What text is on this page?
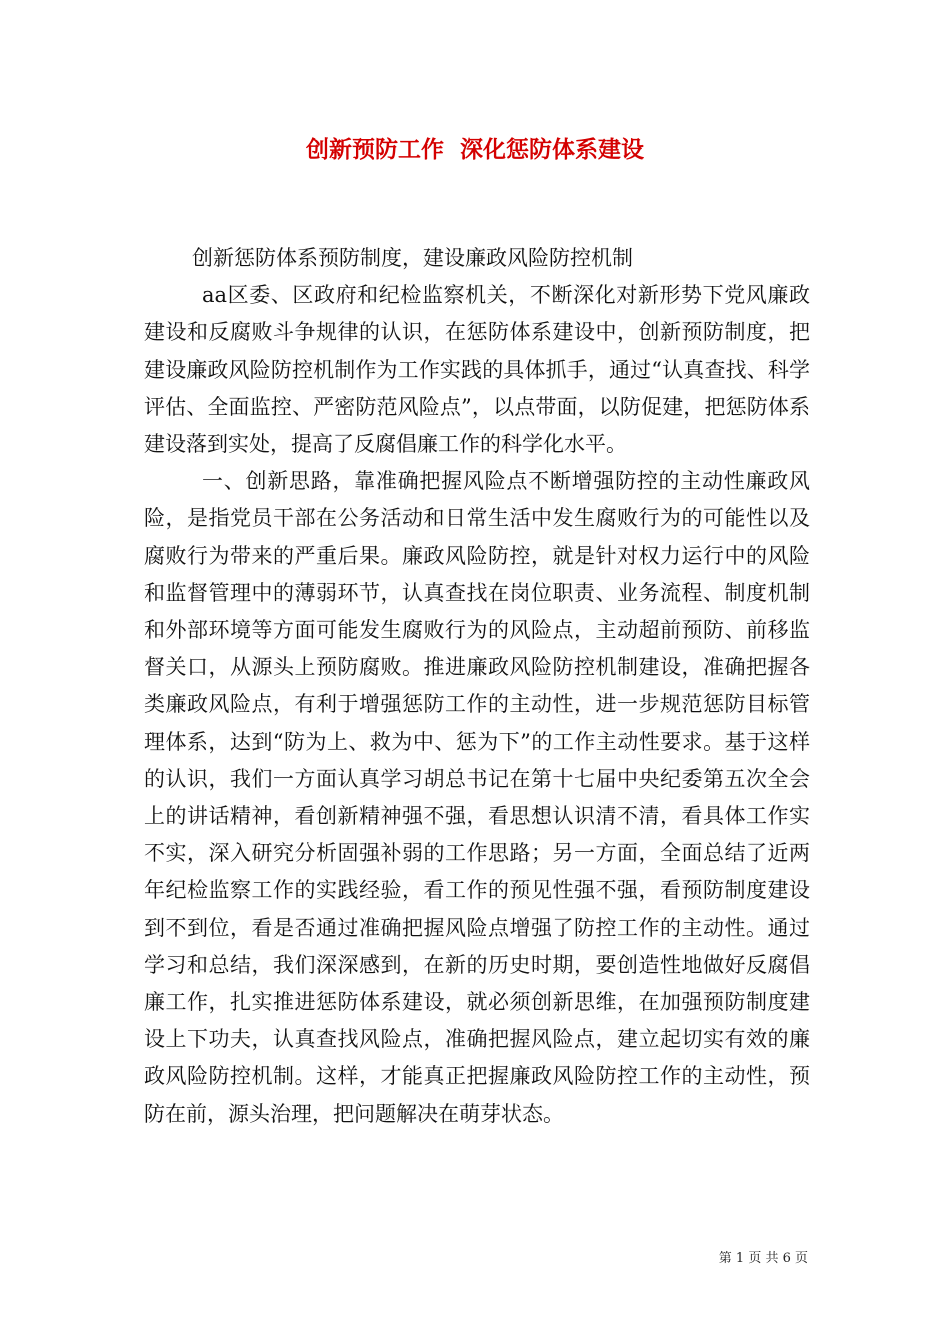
创新预防工作  深化惩防体系建设

创新惩防体系预防制度，建设廉政风险防控机制

aa区委、区政府和纪检监察机关，不断深化对新形势下党风廉政建设和反腐败斗争规律的认识，在惩防体系建设中，创新预防制度，把建设廉政风险防控机制作为工作实践的具体抓手，通过“认真查找、科学评估、全面监控、严密防范风险点”，以点带面，以防促建，把惩防体系建设落到实处，提高了反腐倡廉工作的科学化水平。

一、创新思路，靠准确把握风险点不断增强防控的主动性廉政风险，是指党员干部在公务活动和日常生活中发生腐败行为的可能性以及腐败行为带来的严重后果。廉政风险防控，就是针对权力运行中的风险和监督管理中的薄弱环节，认真查找在岗位职责、业务流程、制度机制和外部环境等方面可能发生腐败行为的风险点，主动超前预防、前移监督关口，从源头上预防腐败。推进廉政风险防控机制建设，准确把握各类廉政风险点，有利于增强惩防工作的主动性，进一步规范惩防目标管理体系，达到“防为上、救为中、惩为下”的工作主动性要求。基于这样的认识，我们一方面认真学习胡总书记在第十七届中央纪委第五次全会上的讲话精神，看创新精神强不强，看思想认识清不清，看具体工作实不实，深入研究分析固强补弱的工作思路；另一方面，全面总结了近两年纪检监察工作的实践经验，看工作的预见性强不强，看预防制度建设到不到位，看是否通过准确把握风险点增强了防控工作的主动性。通过学习和总结，我们深深感到，在新的历史时期，要创造性地做好反腐倡廉工作，扎实推进惩防体系建设，就必须创新思维，在加强预防制度建设上下功夫，认真查找风险点，准确把握风险点，建立起切实有效的廉政风险防控机制。这样，才能真正把握廉政风险防控工作的主动性，预防在前，源头治理，把问题解决在萌芽状态。

第 1 页 共 6 页
